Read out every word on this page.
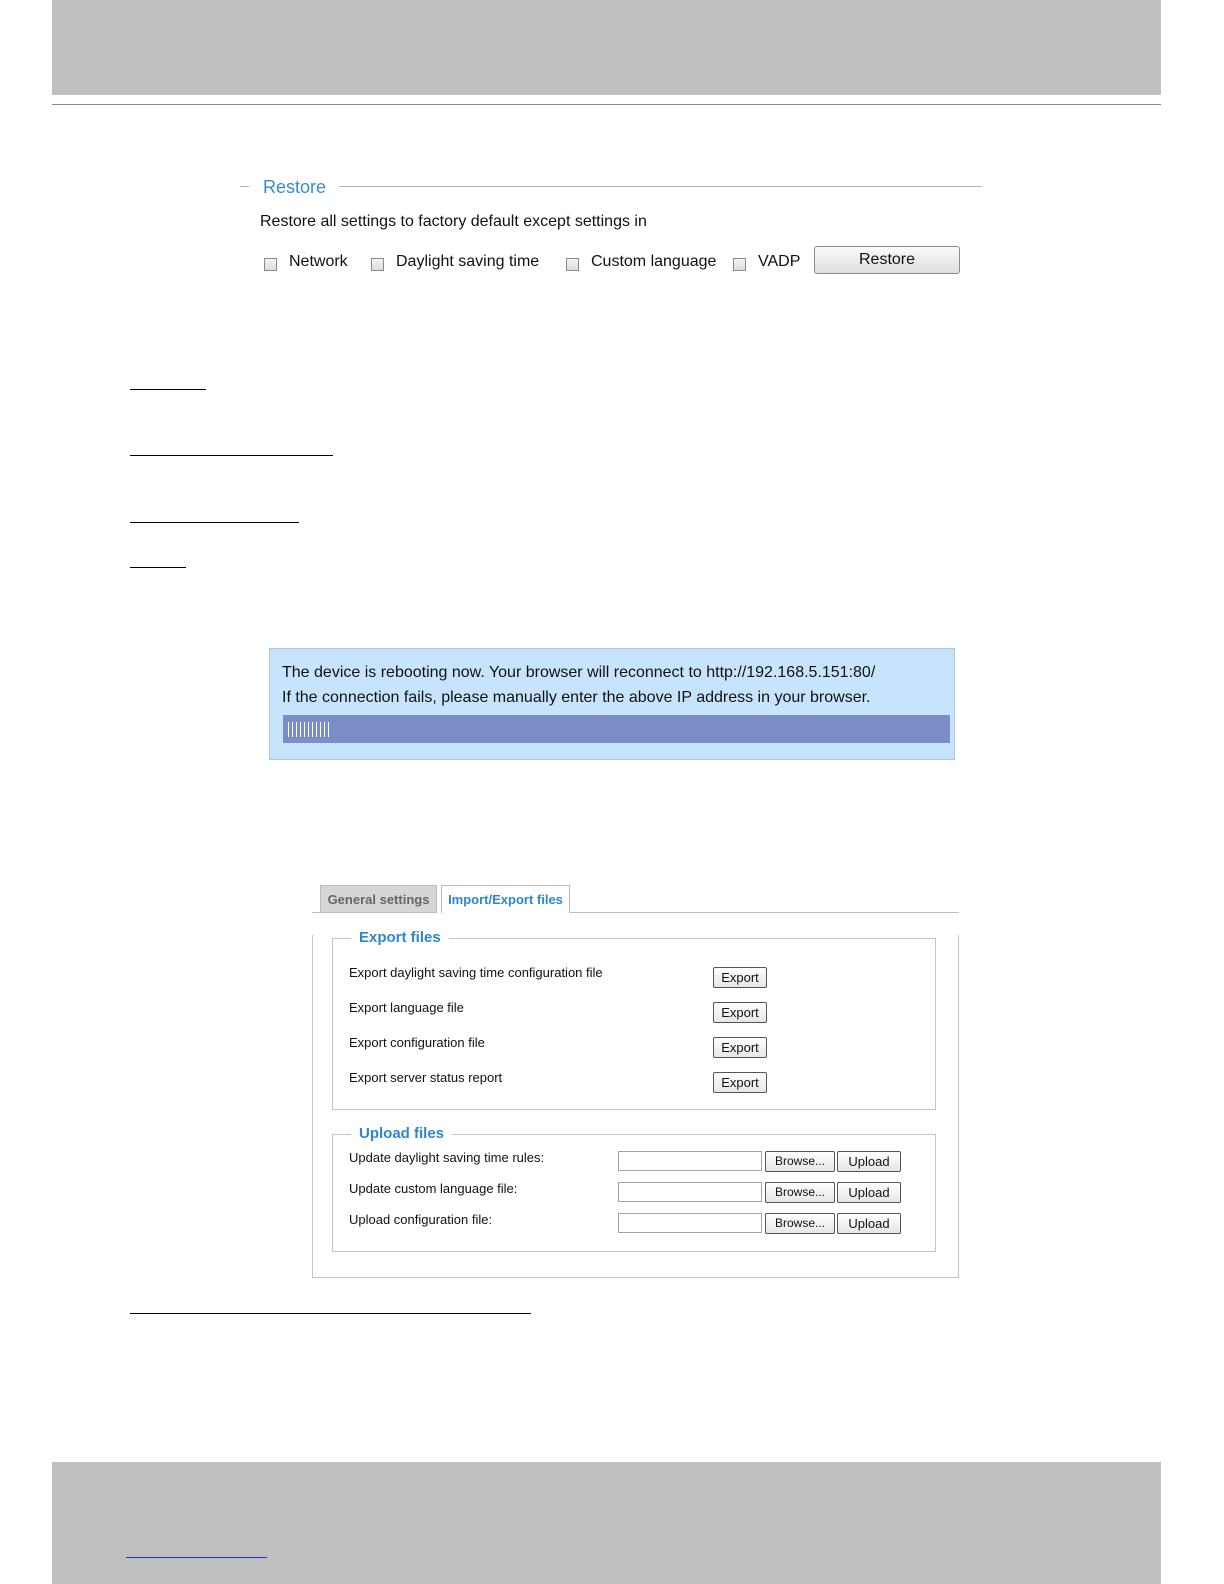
Restore
Restore all settings to factory default except settings in
Network	Daylight saving time	Custom language	VADP	Restore
The device is rebooting now. Your browser will reconnect to http://192.168.5.151:80/
If the connection fails, please manually enter the above IP address in your browser.
General settings	Import/Export files
Export files
Export daylight saving time configuration file	Export
Export language file	Export
Export configuration file	Export
Export server status report	Export
Upload files
Update daylight saving time rules:	Browse...	Upload
Update custom language file:	Browse...	Upload
Upload configuration file:	Browse...	Upload
